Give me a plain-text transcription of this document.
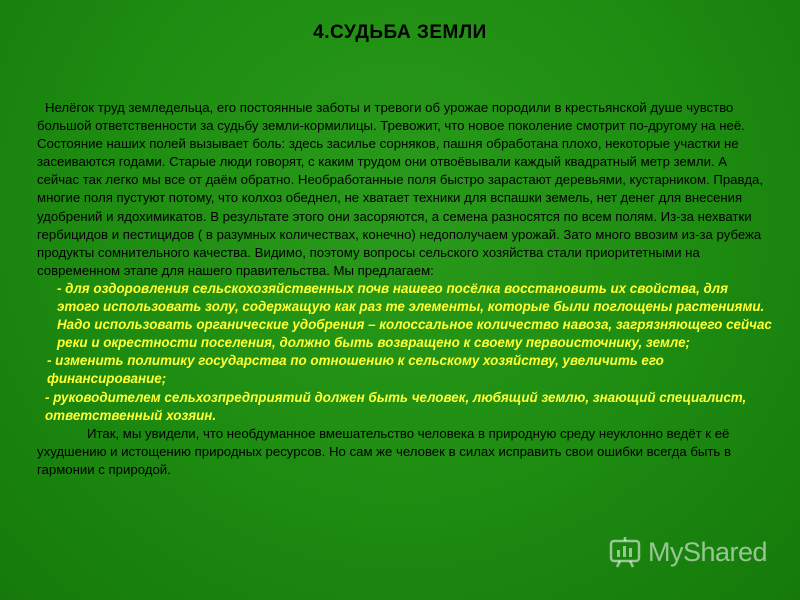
4.СУДЬБА ЗЕМЛИ

Нелёгок труд земледельца, его постоянные заботы и тревоги об урожае породили в крестьянской душе чувство большой ответственности за судьбу земли-кормилицы. Тревожит, что новое поколение смотрит по-другому на неё. Состояние наших полей вызывает боль: здесь засилье сорняков, пашня обработана плохо, некоторые участки не засеиваются годами. Старые люди говорят, с каким трудом они отвоёвывали каждый квадратный метр земли. А сейчас так легко мы все от даём обратно. Необработанные поля быстро зарастают деревьями, кустарником. Правда, многие поля пустуют потому, что колхоз обеднел, не хватает техники для вспашки земель, нет денег для внесения удобрений и ядохимикатов. В результате этого они засоряются, а семена разносятся по всем полям. Из-за нехватки гербицидов и пестицидов ( в разумных количествах, конечно) недополучаем урожай. Зато много ввозим из-за рубежа продукты сомнительного качества. Видимо, поэтому вопросы сельского хозяйства стали приоритетными на современном этапе для нашего правительства. Мы предлагаем:

- для оздоровления сельскохозяйственных почв нашего посёлка восстановить их свойства, для этого использовать золу, содержащую как раз те элементы, которые были поглощены растениями. Надо использовать органические удобрения – колоссальное количество навоза, загрязняющего сейчас реки и окрестности поселения, должно быть возвращено к своему первоисточнику, земле;
- изменить политику государства по отношению к сельскому хозяйству, увеличить его финансирование;
- руководителем сельхозпредприятий должен быть человек, любящий землю, знающий специалист, ответственный хозяин.

Итак, мы увидели, что необдуманное вмешательство человека в природную среду неуклонно ведёт к её ухудшению и истощению природных ресурсов. Но сам же человек в силах исправить свои ошибки всегда быть в гармонии с природой.

MyShared
